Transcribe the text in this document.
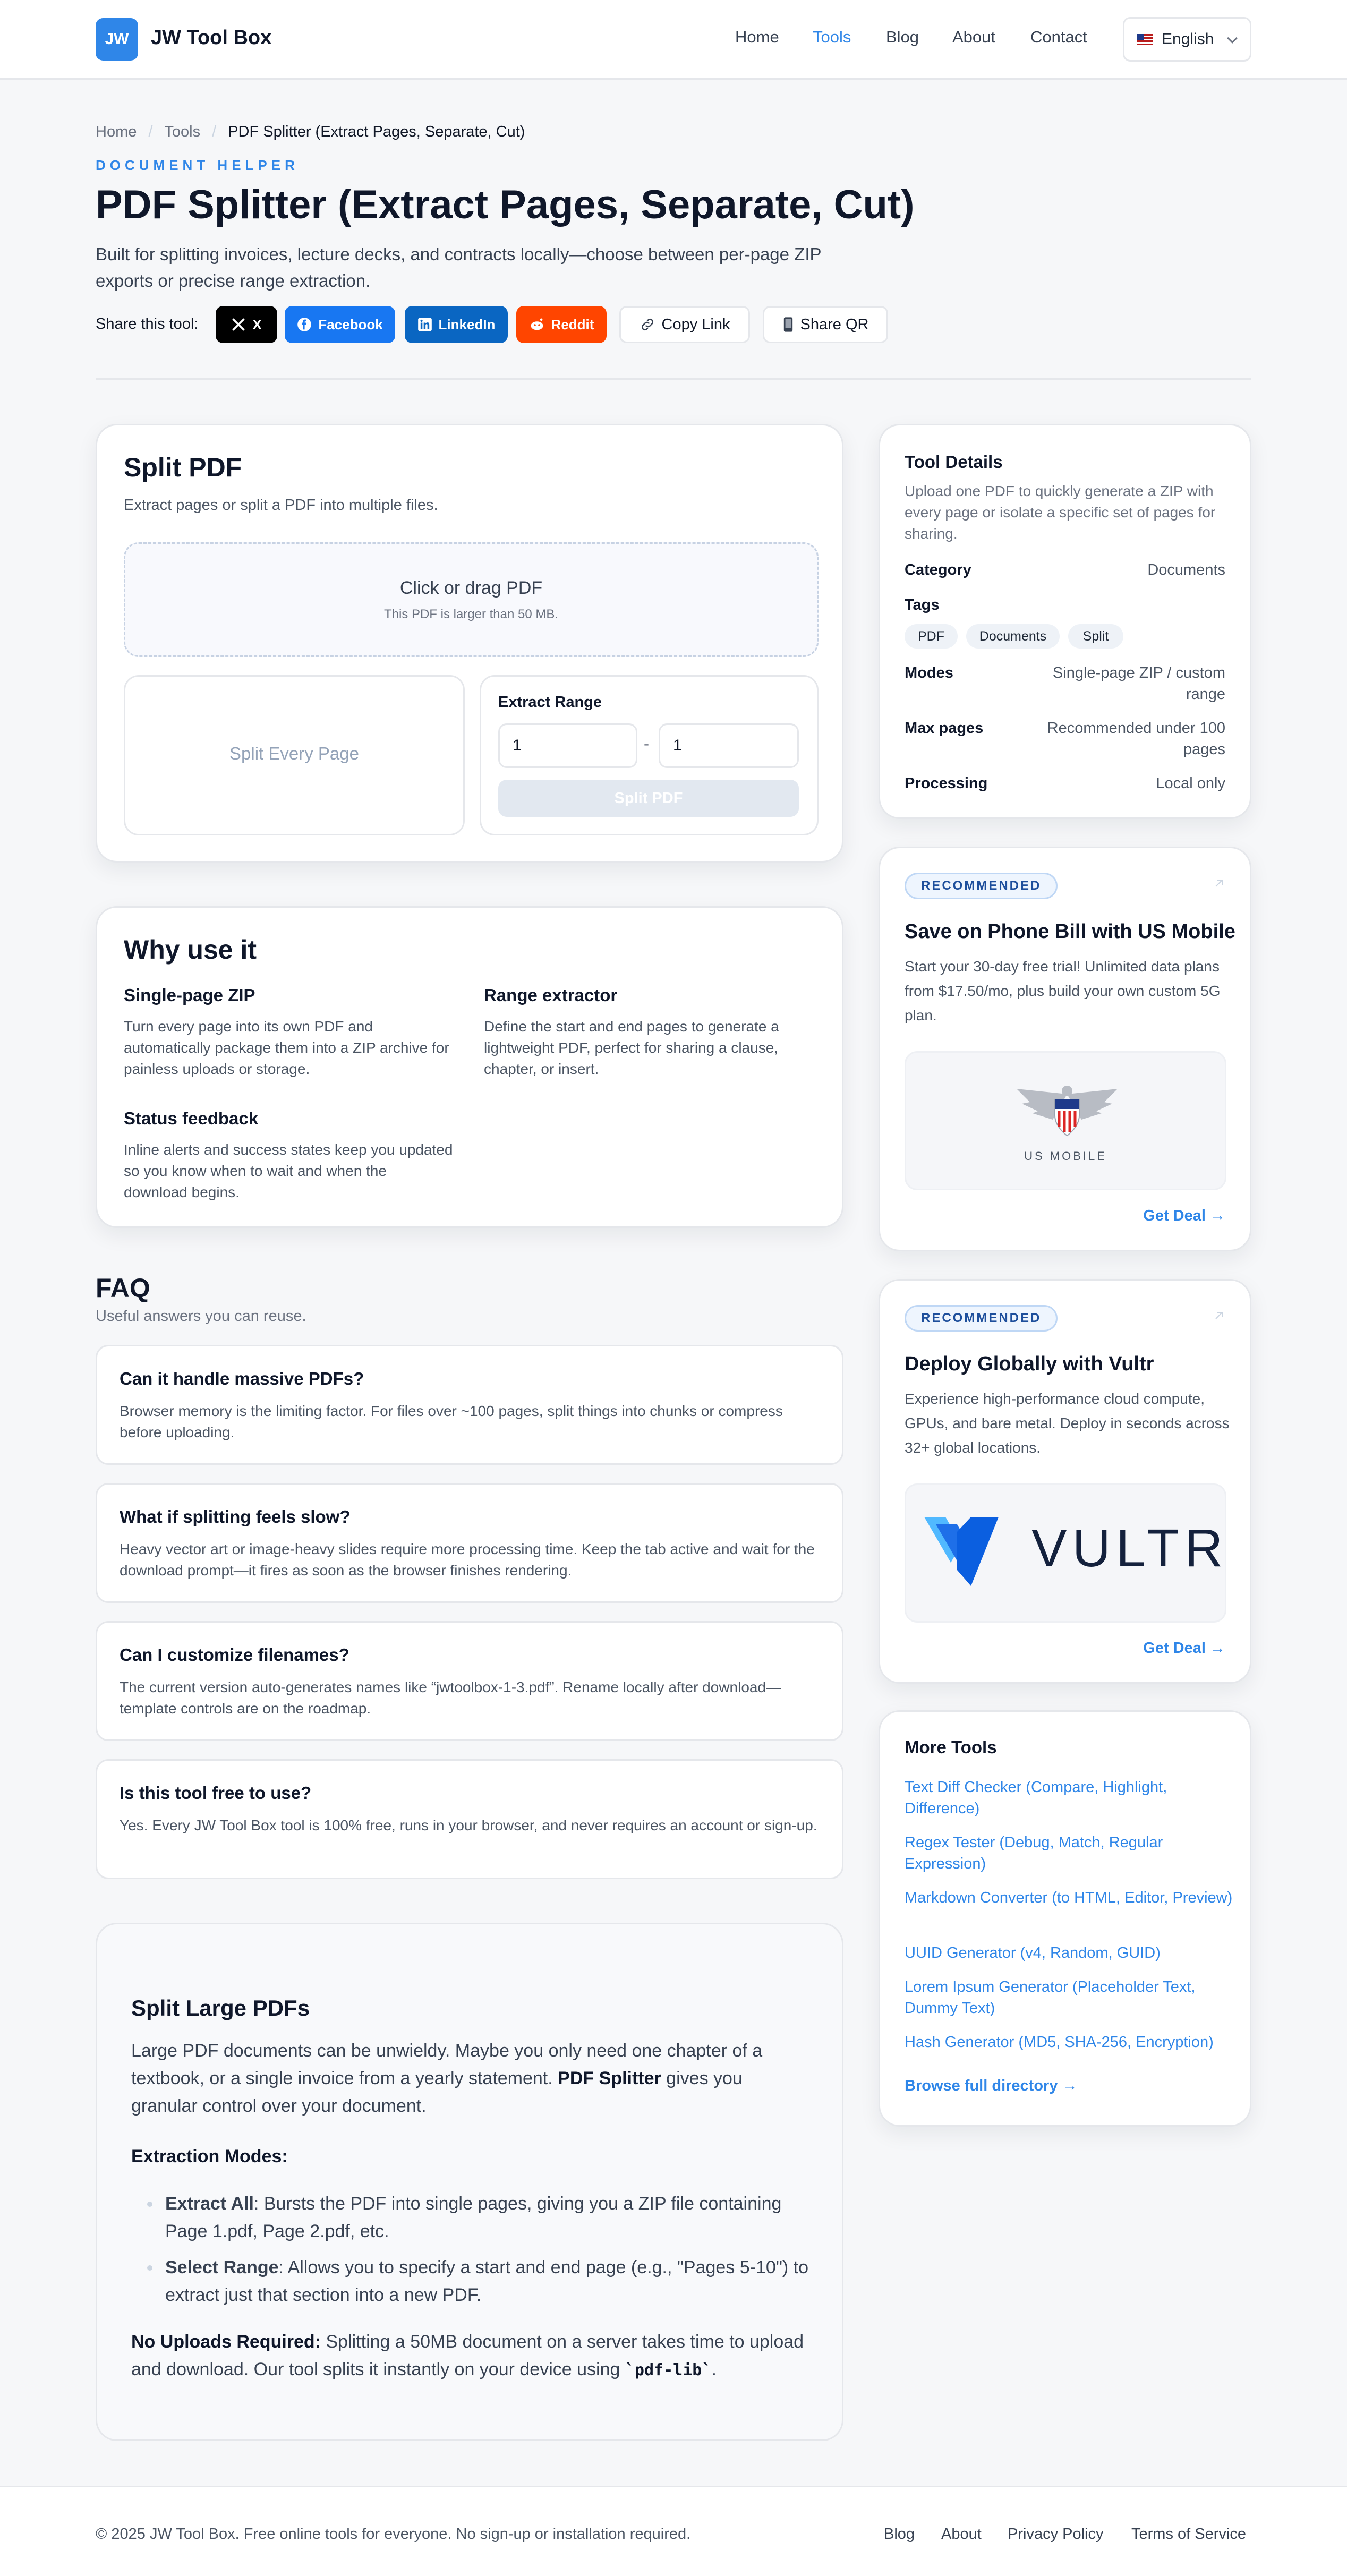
JW	JW Tool Box	Home Tools Blog About Contact	English
Home / Tools / PDF Splitter (Extract Pages, Separate, Cut)
DOCUMENT HELPER
PDF Splitter (Extract Pages, Separate, Cut)

Built for splitting invoices, lecture decks, and contracts locally—choose between per-page ZIP exports or precise range extraction.

Share this tool:	X	Facebook	LinkedIn	Reddit	Copy Link	Share QR
Split PDF
Extract pages or split a PDF into multiple files.
Click or drag PDF
This PDF is larger than 50 MB.
Split Every Page
Extract Range
1	-	1
Split PDF
Why use it
Single-page ZIP
Turn every page into its own PDF and automatically package them into a ZIP archive for painless uploads or storage.
Range extractor
Define the start and end pages to generate a lightweight PDF, perfect for sharing a clause, chapter, or insert.
Status feedback
Inline alerts and success states keep you updated so you know when to wait and when the download begins.
FAQ
Useful answers you can reuse.
Can it handle massive PDFs?
Browser memory is the limiting factor. For files over ~100 pages, split things into chunks or compress before uploading.
What if splitting feels slow?
Heavy vector art or image-heavy slides require more processing time. Keep the tab active and wait for the download prompt—it fires as soon as the browser finishes rendering.
Can I customize filenames?
The current version auto-generates names like “jwtoolbox-1-3.pdf”. Rename locally after download—template controls are on the roadmap.
Is this tool free to use?
Yes. Every JW Tool Box tool is 100% free, runs in your browser, and never requires an account or sign-up.
Split Large PDFs

Large PDF documents can be unwieldy. Maybe you only need one chapter of a textbook, or a single invoice from a yearly statement. PDF Splitter gives you granular control over your document.

Extraction Modes:
Extract All: Bursts the PDF into single pages, giving you a ZIP file containing Page 1.pdf, Page 2.pdf, etc.
Select Range: Allows you to specify a start and end page (e.g., "Pages 5-10") to extract just that section into a new PDF.

No Uploads Required: Splitting a 50MB document on a server takes time to upload and download. Our tool splits it instantly on your device using `pdf-lib`.

Tool Details
Upload one PDF to quickly generate a ZIP with every page or isolate a specific set of pages for sharing.
Category	Documents
Tags
PDF	Documents	Split
Modes	Single-page ZIP / custom range
Max pages	Recommended under 100 pages
Processing	Local only
RECOMMENDED
Save on Phone Bill with US Mobile
Start your 30-day free trial! Unlimited data plans from $17.50/mo, plus build your own custom 5G plan.
US MOBILE
Get Deal →
RECOMMENDED
Deploy Globally with Vultr
Experience high-performance cloud compute, GPUs, and bare metal. Deploy in seconds across 32+ global locations.
VULTR
Get Deal →
More Tools
Text Diff Checker (Compare, Highlight, Difference)
Regex Tester (Debug, Match, Regular Expression)
Markdown Converter (to HTML, Editor, Preview)
UUID Generator (v4, Random, GUID)
Lorem Ipsum Generator (Placeholder Text, Dummy Text)
Hash Generator (MD5, SHA-256, Encryption)
Browse full directory →
© 2025 JW Tool Box. Free online tools for everyone. No sign-up or installation required.	Blog About Privacy Policy Terms of Service
